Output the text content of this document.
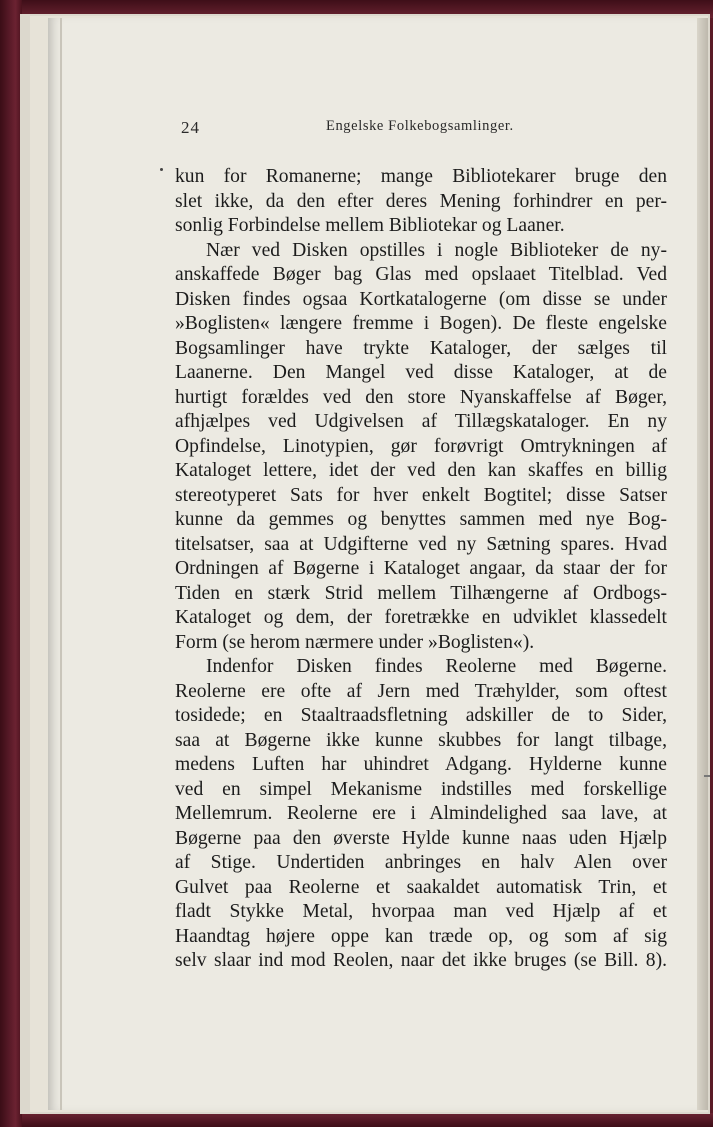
24	Engelske Folkebogsamlinger.
kun for Romanerne; mange Bibliotekarer bruge den
slet ikke, da den efter deres Mening forhindrer en per-
sonlig Forbindelse mellem Bibliotekar og Laaner.
Nær ved Disken opstilles i nogle Biblioteker de ny-
anskaffede Bøger bag Glas med opslaaet Titelblad. Ved
Disken findes ogsaa Kortkatalogerne (om disse se under
»Boglisten« længere fremme i Bogen). De fleste engelske
Bogsamlinger have trykte Kataloger, der sælges til
Laanerne. Den Mangel ved disse Kataloger, at de
hurtigt forældes ved den store Nyanskaffelse af Bøger,
afhjælpes ved Udgivelsen af Tillægskataloger. En ny
Opfindelse, Linotypien, gør forøvrigt Omtrykningen af
Kataloget lettere, idet der ved den kan skaffes en billig
stereotyperet Sats for hver enkelt Bogtitel; disse Satser
kunne da gemmes og benyttes sammen med nye Bog-
titelsatser, saa at Udgifterne ved ny Sætning spares. Hvad
Ordningen af Bøgerne i Kataloget angaar, da staar der for
Tiden en stærk Strid mellem Tilhængerne af Ordbogs-
Kataloget og dem, der foretrække en udviklet klassedelt
Form (se herom nærmere under »Boglisten«).
Indenfor Disken findes Reolerne med Bøgerne.
Reolerne ere ofte af Jern med Træhylder, som oftest
tosidede; en Staaltraadsfletning adskiller de to Sider,
saa at Bøgerne ikke kunne skubbes for langt tilbage,
medens Luften har uhindret Adgang. Hylderne kunne
ved en simpel Mekanisme indstilles med forskellige
Mellemrum. Reolerne ere i Almindelighed saa lave, at
Bøgerne paa den øverste Hylde kunne naas uden Hjælp
af Stige. Undertiden anbringes en halv Alen over
Gulvet paa Reolerne et saakaldet automatisk Trin, et
fladt Stykke Metal, hvorpaa man ved Hjælp af et
Haandtag højere oppe kan træde op, og som af sig
selv slaar ind mod Reolen, naar det ikke bruges (se Bill. 8).
